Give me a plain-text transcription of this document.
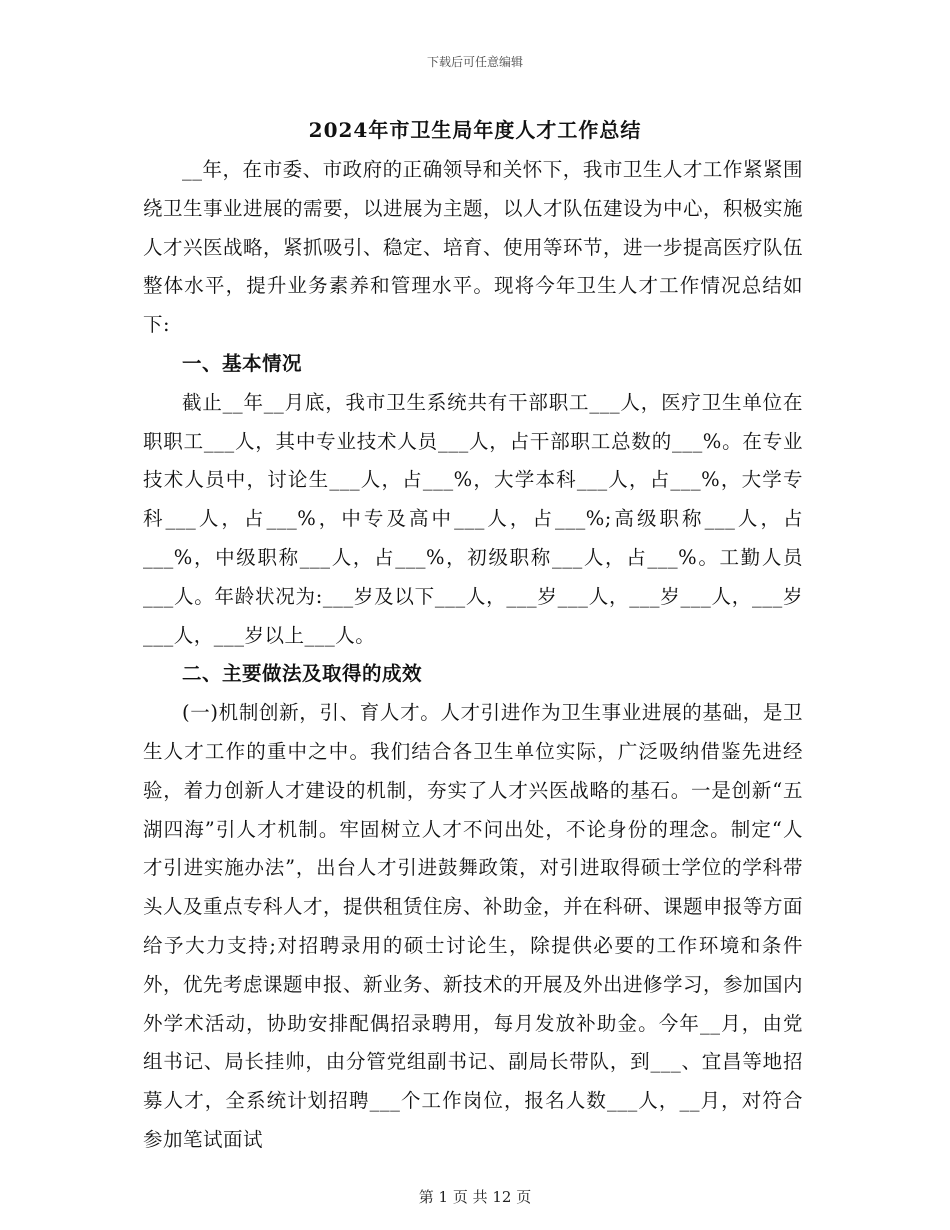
下载后可任意编辑
2024年市卫生局年度人才工作总结

__年，在市委、市政府的正确领导和关怀下，我市卫生人才工作紧紧围绕卫生事业进展的需要，以进展为主题，以人才队伍建设为中心，积极实施人才兴医战略，紧抓吸引、稳定、培育、使用等环节，进一步提高医疗队伍整体水平，提升业务素养和管理水平。现将今年卫生人才工作情况总结如下:

一、基本情况

截止__年__月底，我市卫生系统共有干部职工___人，医疗卫生单位在职职工___人，其中专业技术人员___人，占干部职工总数的___%。在专业技术人员中，讨论生___人，占___%，大学本科___人，占___%，大学专科___人，占___%，中专及高中___人，占___%;高级职称___人，占___%，中级职称___人，占___%，初级职称___人，占___%。工勤人员___人。年龄状况为:___岁及以下___人，___岁___人，___岁___人，___岁___人，___岁以上___人。

二、主要做法及取得的成效

(一)机制创新，引、育人才。人才引进作为卫生事业进展的基础，是卫生人才工作的重中之中。我们结合各卫生单位实际，广泛吸纳借鉴先进经验，着力创新人才建设的机制，夯实了人才兴医战略的基石。一是创新“五湖四海”引人才机制。牢固树立人才不问出处，不论身份的理念。制定“人才引进实施办法”，出台人才引进鼓舞政策，对引进取得硕士学位的学科带头人及重点专科人才，提供租赁住房、补助金，并在科研、课题申报等方面给予大力支持;对招聘录用的硕士讨论生，除提供必要的工作环境和条件外，优先考虑课题申报、新业务、新技术的开展及外出进修学习，参加国内外学术活动，协助安排配偶招录聘用，每月发放补助金。今年__月，由党组书记、局长挂帅，由分管党组副书记、副局长带队，到___、宜昌等地招募人才，全系统计划招聘___个工作岗位，报名人数___人，__月，对符合参加笔试面试

第 1 页 共 12 页
